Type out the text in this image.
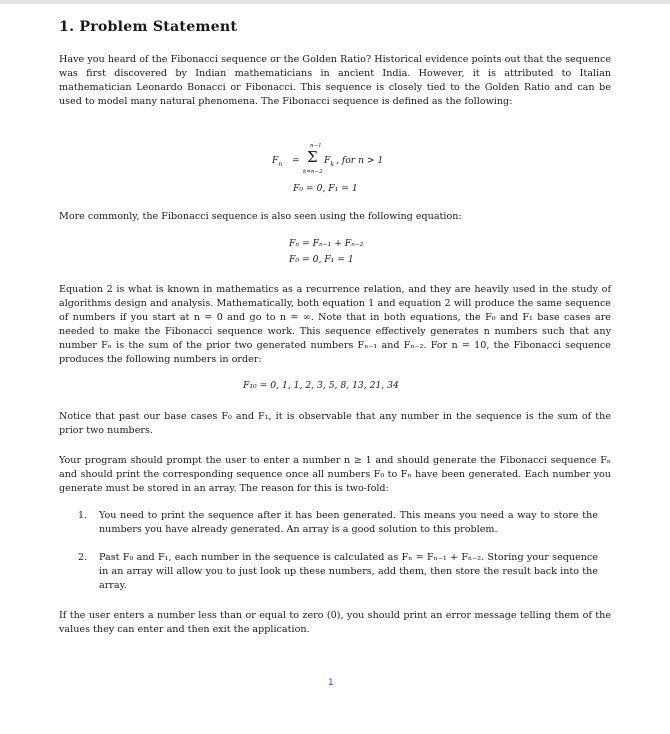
1. Problem Statement

Have you heard of the Fibonacci sequence or the Golden Ratio? Historical evidence points out that the sequence was first discovered by Indian mathematicians in ancient India. However, it is attributed to Italian mathematician Leonardo Bonacci or Fibonacci. This sequence is closely tied to the Golden Ratio and can be used to model many natural phenomena. The Fibonacci sequence is defined as the following:

$F_n$ =
n−1
Σ
k=n−2
$F_k$ , for n > 1
F₀ = 0, F₁ = 1

More commonly, the Fibonacci sequence is also seen using the following equation:

Fₙ = Fₙ₋₁ + Fₙ₋₂
F₀ = 0, F₁ = 1

Equation 2 is what is known in mathematics as a recurrence relation, and they are heavily used in the study of algorithms design and analysis. Mathematically, both equation 1 and equation 2 will produce the same sequence of numbers if you start at n = 0 and go to n = ∞. Note that in both equations, the F₀ and F₁ base cases are needed to make the Fibonacci sequence work. This sequence effectively generates n numbers such that any number Fₙ is the sum of the prior two generated numbers Fₙ₋₁ and Fₙ₋₂. For n = 10, the Fibonacci sequence produces the following numbers in order:

F₁₀ = 0, 1, 1, 2, 3, 5, 8, 13, 21, 34

Notice that past our base cases F₀ and F₁, it is observable that any number in the sequence is the sum of the prior two numbers.

Your program should prompt the user to enter a number n ≥ 1 and should generate the Fibonacci sequence Fₙ and should print the corresponding sequence once all numbers F₀ to Fₙ have been generated. Each number you generate must be stored in an array. The reason for this is two-fold:

1. You need to print the sequence after it has been generated. This means you need a way to store the numbers you have already generated. An array is a good solution to this problem.
2. Past F₀ and F₁, each number in the sequence is calculated as Fₙ = Fₙ₋₁ + Fₙ₋₂. Storing your sequence in an array will allow you to just look up these numbers, add them, then store the result back into the array.

If the user enters a number less than or equal to zero (0), you should print an error message telling them of the values they can enter and then exit the application.

1
